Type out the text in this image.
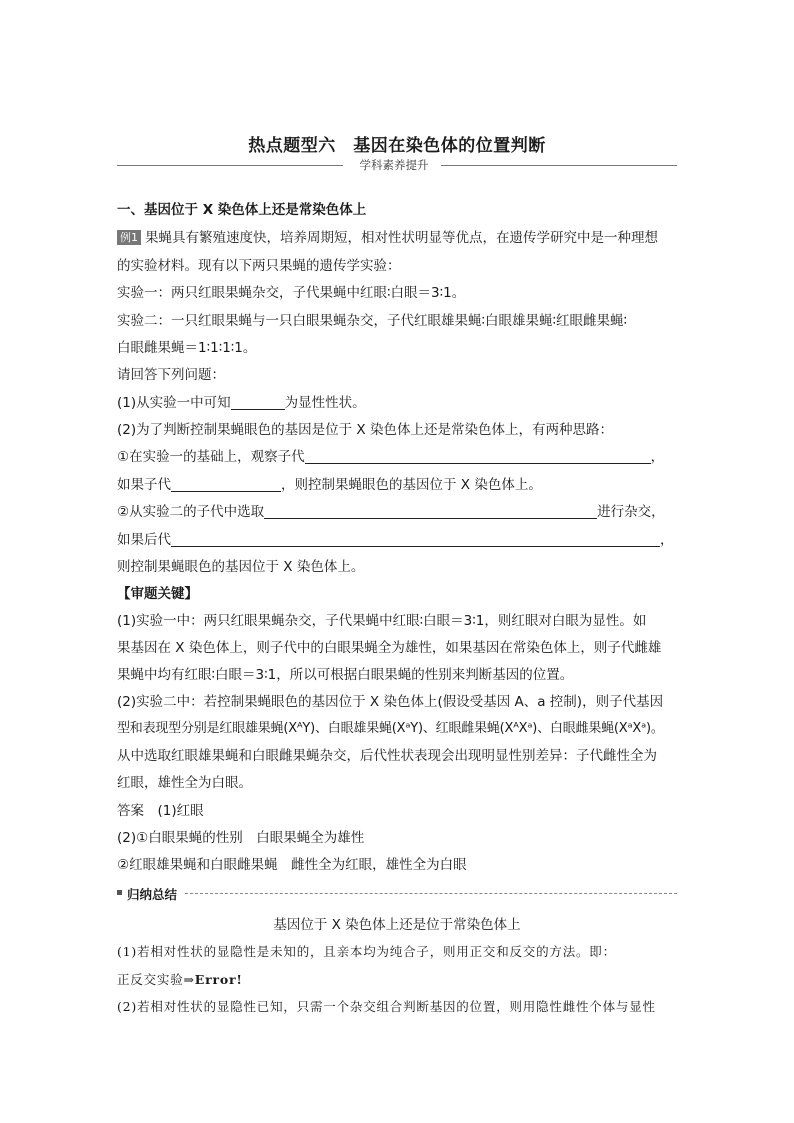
热点题型六　基因在染色体的位置判断
学科素养提升
一、基因位于 X 染色体上还是常染色体上
例1 果蝇具有繁殖速度快，培养周期短，相对性状明显等优点，在遗传学研究中是一种理想
的实验材料。现有以下两只果蝇的遗传学实验：
实验一：两只红眼果蝇杂交，子代果蝇中红眼∶白眼＝3∶1。
实验二：一只红眼果蝇与一只白眼果蝇杂交，子代红眼雄果蝇∶白眼雄果蝇∶红眼雌果蝇∶
白眼雌果蝇＝1∶1∶1∶1。
请回答下列问题：
(1)从实验一中可知	为显性性状。
(2)为了判断控制果蝇眼色的基因是位于 X 染色体上还是常染色体上，有两种思路：
①在实验一的基础上，观察子代	，
如果子代	，则控制果蝇眼色的基因位于 X 染色体上。
②从实验二的子代中选取	进行杂交，
如果后代	，
则控制果蝇眼色的基因位于 X 染色体上。
【审题关键】
(1)实验一中：两只红眼果蝇杂交，子代果蝇中红眼∶白眼＝3∶1，则红眼对白眼为显性。如
果基因在 X 染色体上，则子代中的白眼果蝇全为雄性，如果基因在常染色体上，则子代雌雄
果蝇中均有红眼∶白眼＝3∶1，所以可根据白眼果蝇的性别来判断基因的位置。
(2)实验二中：若控制果蝇眼色的基因位于 X 染色体上(假设受基因 A、a 控制)，则子代基因
型和表现型分别是红眼雄果蝇(XᴬY)、白眼雄果蝇(XᵃY)、红眼雌果蝇(XᴬXᵃ)、白眼雌果蝇(XᵃXᵃ)。
从中选取红眼雄果蝇和白眼雌果蝇杂交，后代性状表现会出现明显性别差异：子代雌性全为
红眼，雄性全为白眼。
答案　(1)红眼
(2)①白眼果蝇的性别　白眼果蝇全为雄性
②红眼雄果蝇和白眼雌果蝇　雌性全为红眼，雄性全为白眼
归纳总结
基因位于 X 染色体上还是位于常染色体上
(1)若相对性状的显隐性是未知的，且亲本均为纯合子，则用正交和反交的方法。即：
正反交实验⇒Error!
(2)若相对性状的显隐性已知，只需一个杂交组合判断基因的位置，则用隐性雌性个体与显性
